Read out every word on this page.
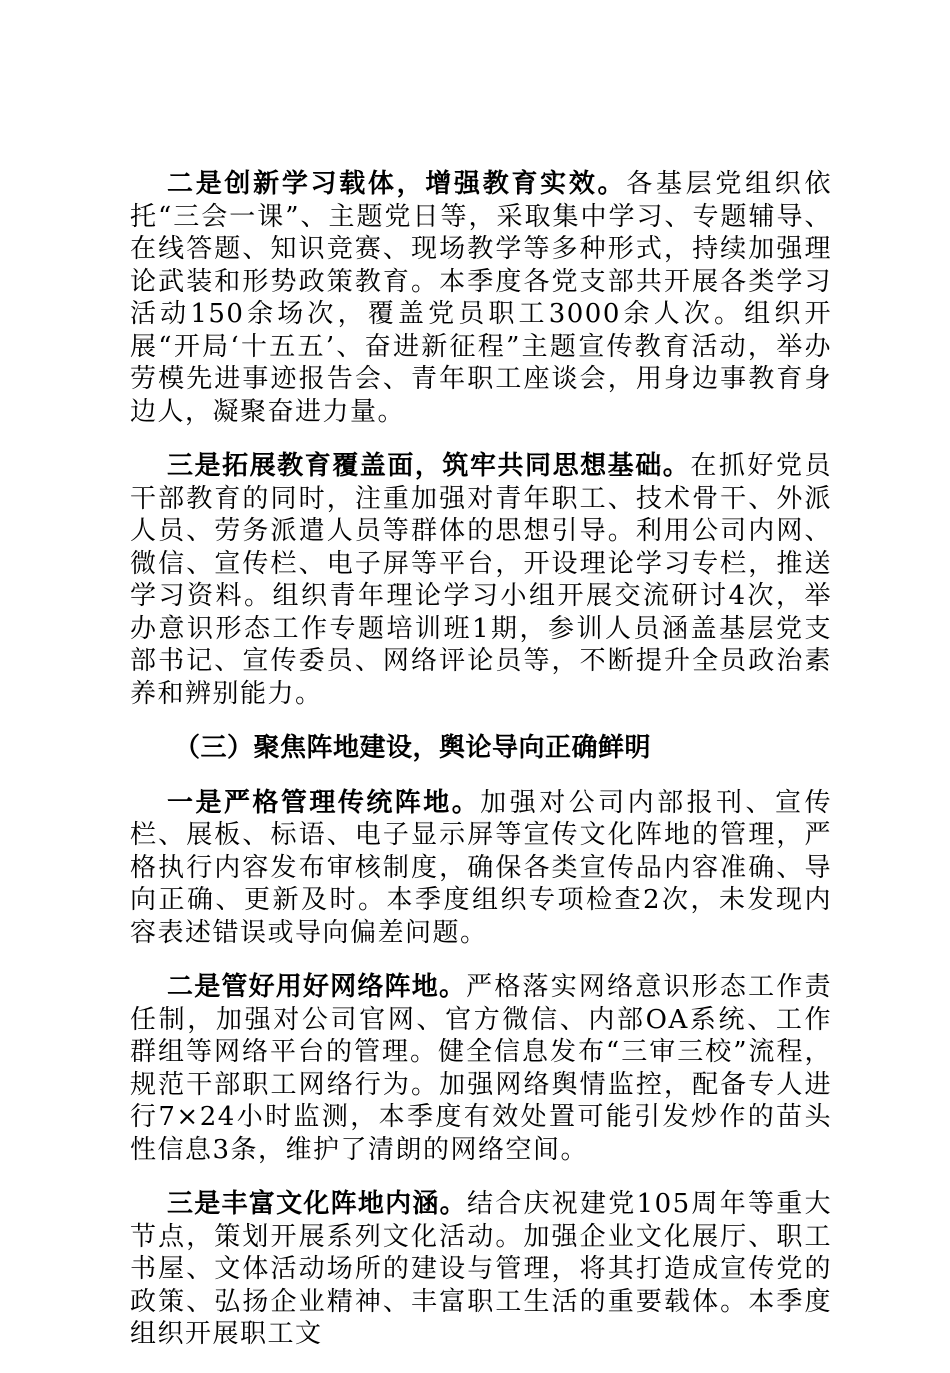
二是创新学习载体，增强教育实效。各基层党组织依托“三会一课”、主题党日等，采取集中学习、专题辅导、在线答题、知识竞赛、现场教学等多种形式，持续加强理论武装和形势政策教育。本季度各党支部共开展各类学习活动150余场次，覆盖党员职工3000余人次。组织开展“开局‘十五五’、奋进新征程”主题宣传教育活动，举办劳模先进事迹报告会、青年职工座谈会，用身边事教育身边人，凝聚奋进力量。

三是拓展教育覆盖面，筑牢共同思想基础。在抓好党员干部教育的同时，注重加强对青年职工、技术骨干、外派人员、劳务派遣人员等群体的思想引导。利用公司内网、微信、宣传栏、电子屏等平台，开设理论学习专栏，推送学习资料。组织青年理论学习小组开展交流研讨4次，举办意识形态工作专题培训班1期，参训人员涵盖基层党支部书记、宣传委员、网络评论员等，不断提升全员政治素养和辨别能力。

（三）聚焦阵地建设，舆论导向正确鲜明

一是严格管理传统阵地。加强对公司内部报刊、宣传栏、展板、标语、电子显示屏等宣传文化阵地的管理，严格执行内容发布审核制度，确保各类宣传品内容准确、导向正确、更新及时。本季度组织专项检查2次，未发现内容表述错误或导向偏差问题。

二是管好用好网络阵地。严格落实网络意识形态工作责任制，加强对公司官网、官方微信、内部OA系统、工作群组等网络平台的管理。健全信息发布“三审三校”流程，规范干部职工网络行为。加强网络舆情监控，配备专人进行7×24小时监测，本季度有效处置可能引发炒作的苗头性信息3条，维护了清朗的网络空间。

三是丰富文化阵地内涵。结合庆祝建党105周年等重大节点，策划开展系列文化活动。加强企业文化展厅、职工书屋、文体活动场所的建设与管理，将其打造成宣传党的政策、弘扬企业精神、丰富职工生活的重要载体。本季度组织开展职工文
